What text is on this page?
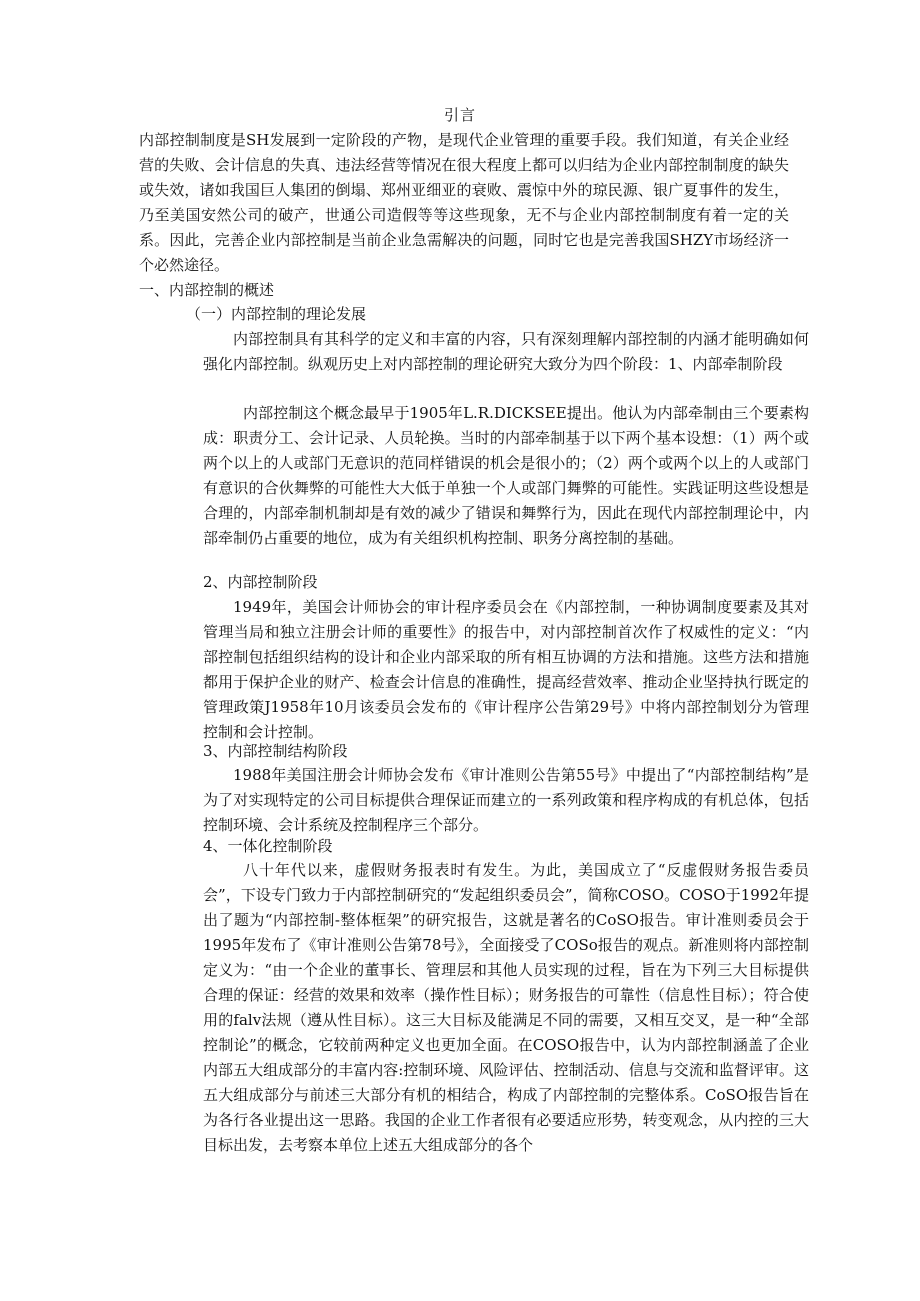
引言

内部控制制度是SH发展到一定阶段的产物，是现代企业管理的重要手段。我们知道，有关企业经营的失败、会计信息的失真、违法经营等情况在很大程度上都可以归结为企业内部控制制度的缺失或失效，诸如我国巨人集团的倒塌、郑州亚细亚的衰败、震惊中外的琼民源、银广夏事件的发生，乃至美国安然公司的破产，世通公司造假等等这些现象，无不与企业内部控制制度有着一定的关系。因此，完善企业内部控制是当前企业急需解决的问题，同时它也是完善我国SHZY市场经济一个必然途径。

一、内部控制的概述
（一）内部控制的理论发展

内部控制具有其科学的定义和丰富的内容，只有深刻理解内部控制的内涵才能明确如何强化内部控制。纵观历史上对内部控制的理论研究大致分为四个阶段：1、内部牵制阶段

内部控制这个概念最早于1905年L.R.DICKSEE提出。他认为内部牵制由三个要素构成：职责分工、会计记录、人员轮换。当时的内部牵制基于以下两个基本设想：（1）两个或两个以上的人或部门无意识的范同样错误的机会是很小的；（2）两个或两个以上的人或部门有意识的合伙舞弊的可能性大大低于单独一个人或部门舞弊的可能性。实践证明这些设想是合理的，内部牵制机制却是有效的减少了错误和舞弊行为，因此在现代内部控制理论中，内部牵制仍占重要的地位，成为有关组织机构控制、职务分离控制的基础。

2、内部控制阶段

1949年，美国会计师协会的审计程序委员会在《内部控制，一种协调制度要素及其对管理当局和独立注册会计师的重要性》的报告中，对内部控制首次作了权威性的定义：“内部控制包括组织结构的设计和企业内部采取的所有相互协调的方法和措施。这些方法和措施都用于保护企业的财产、检查会计信息的准确性，提高经营效率、推动企业坚持执行既定的管理政策J1958年10月该委员会发布的《审计程序公告第29号》中将内部控制划分为管理控制和会计控制。

3、内部控制结构阶段

1988年美国注册会计师协会发布《审计准则公告第55号》中提出了“内部控制结构”是为了对实现特定的公司目标提供合理保证而建立的一系列政策和程序构成的有机总体，包括控制环境、会计系统及控制程序三个部分。

4、一体化控制阶段

八十年代以来，虚假财务报表时有发生。为此，美国成立了“反虚假财务报告委员会”，下设专门致力于内部控制研究的“发起组织委员会”，简称COSO。COSO于1992年提出了题为“内部控制-整体框架”的研究报告，这就是著名的CoSO报告。审计准则委员会于1995年发布了《审计准则公告第78号》，全面接受了COSo报告的观点。新准则将内部控制定义为：“由一个企业的董事长、管理层和其他人员实现的过程，旨在为下列三大目标提供合理的保证：经营的效果和效率（操作性目标）；财务报告的可靠性（信息性目标）；符合使用的falv法规（遵从性目标）。这三大目标及能满足不同的需要，又相互交叉，是一种“全部控制论”的概念，它较前两种定义也更加全面。在COSO报告中，认为内部控制涵盖了企业内部五大组成部分的丰富内容:控制环境、风险评估、控制活动、信息与交流和监督评审。这五大组成部分与前述三大部分有机的相结合，构成了内部控制的完整体系。CoSO报告旨在为各行各业提出这一思路。我国的企业工作者很有必要适应形势，转变观念，从内控的三大目标出发，去考察本单位上述五大组成部分的各个
